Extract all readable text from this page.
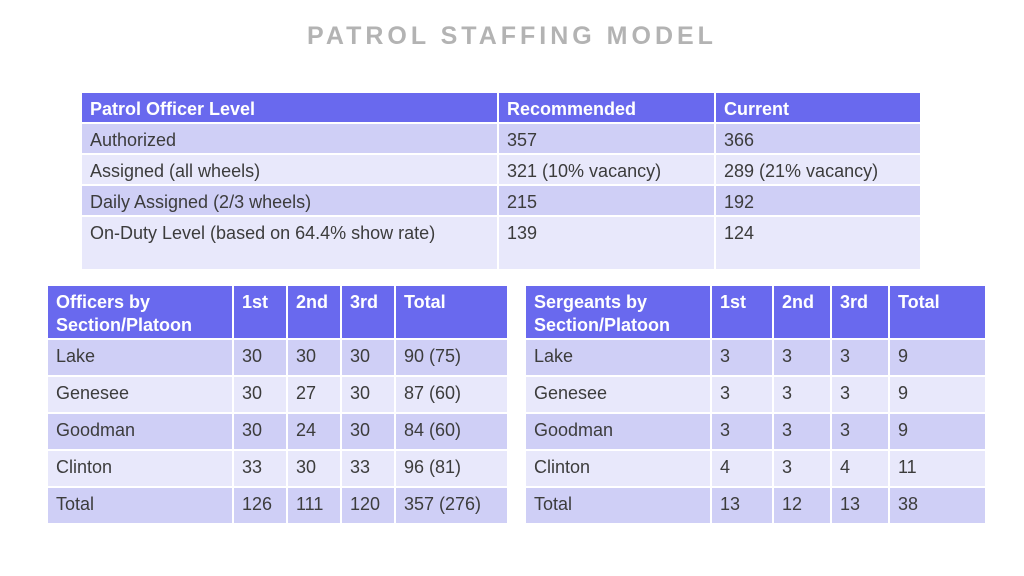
PATROL STAFFING MODEL
Patrol Officer Level	Recommended	Current
Authorized	357	366
Assigned (all wheels)	321 (10% vacancy)	289 (21% vacancy)
Daily Assigned (2/3 wheels)	215	192
On-Duty Level (based on 64.4% show rate)	139	124
Officers by Section/Platoon	1st	2nd	3rd	Total
Lake	30	30	30	90 (75)
Genesee	30	27	30	87 (60)
Goodman	30	24	30	84 (60)
Clinton	33	30	33	96 (81)
Total	126	111	120	357 (276)
Sergeants by Section/Platoon	1st	2nd	3rd	Total
Lake	3	3	3	9
Genesee	3	3	3	9
Goodman	3	3	3	9
Clinton	4	3	4	11
Total	13	12	13	38
